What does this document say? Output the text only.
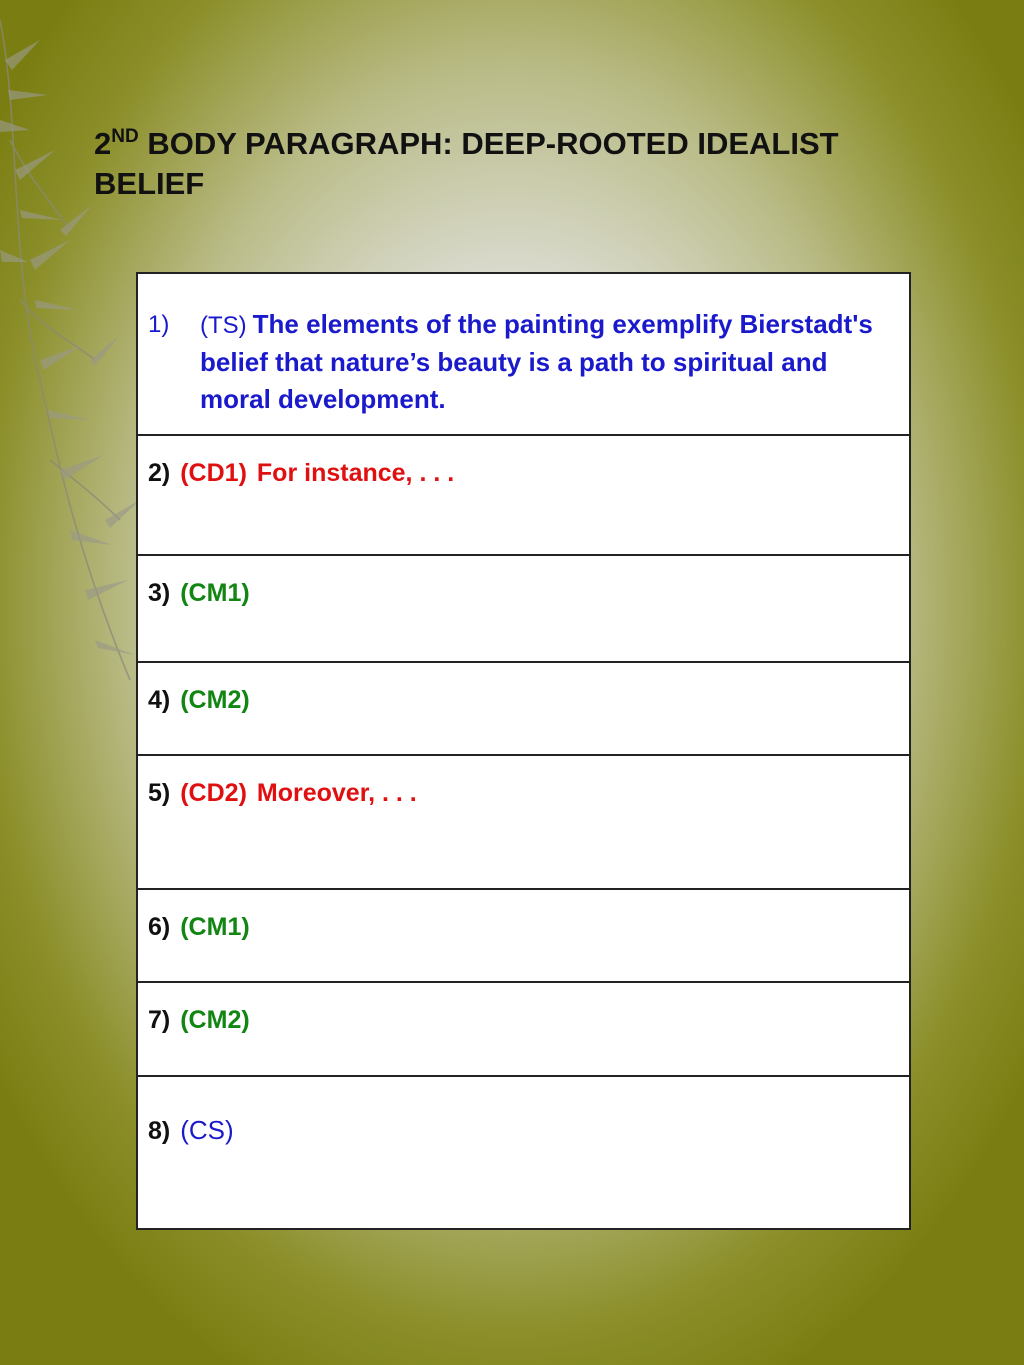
2ND BODY PARAGRAPH: DEEP-ROOTED IDEALIST BELIEF
1)	(TS) The elements of the painting exemplify Bierstadt's belief that nature’s beauty is a path to spiritual and moral development.

2) (CD1) For instance, . . .

3) (CM1)

4) (CM2)

5) (CD2) Moreover, . . .

6) (CM1)

7) (CM2)

8) (CS)
